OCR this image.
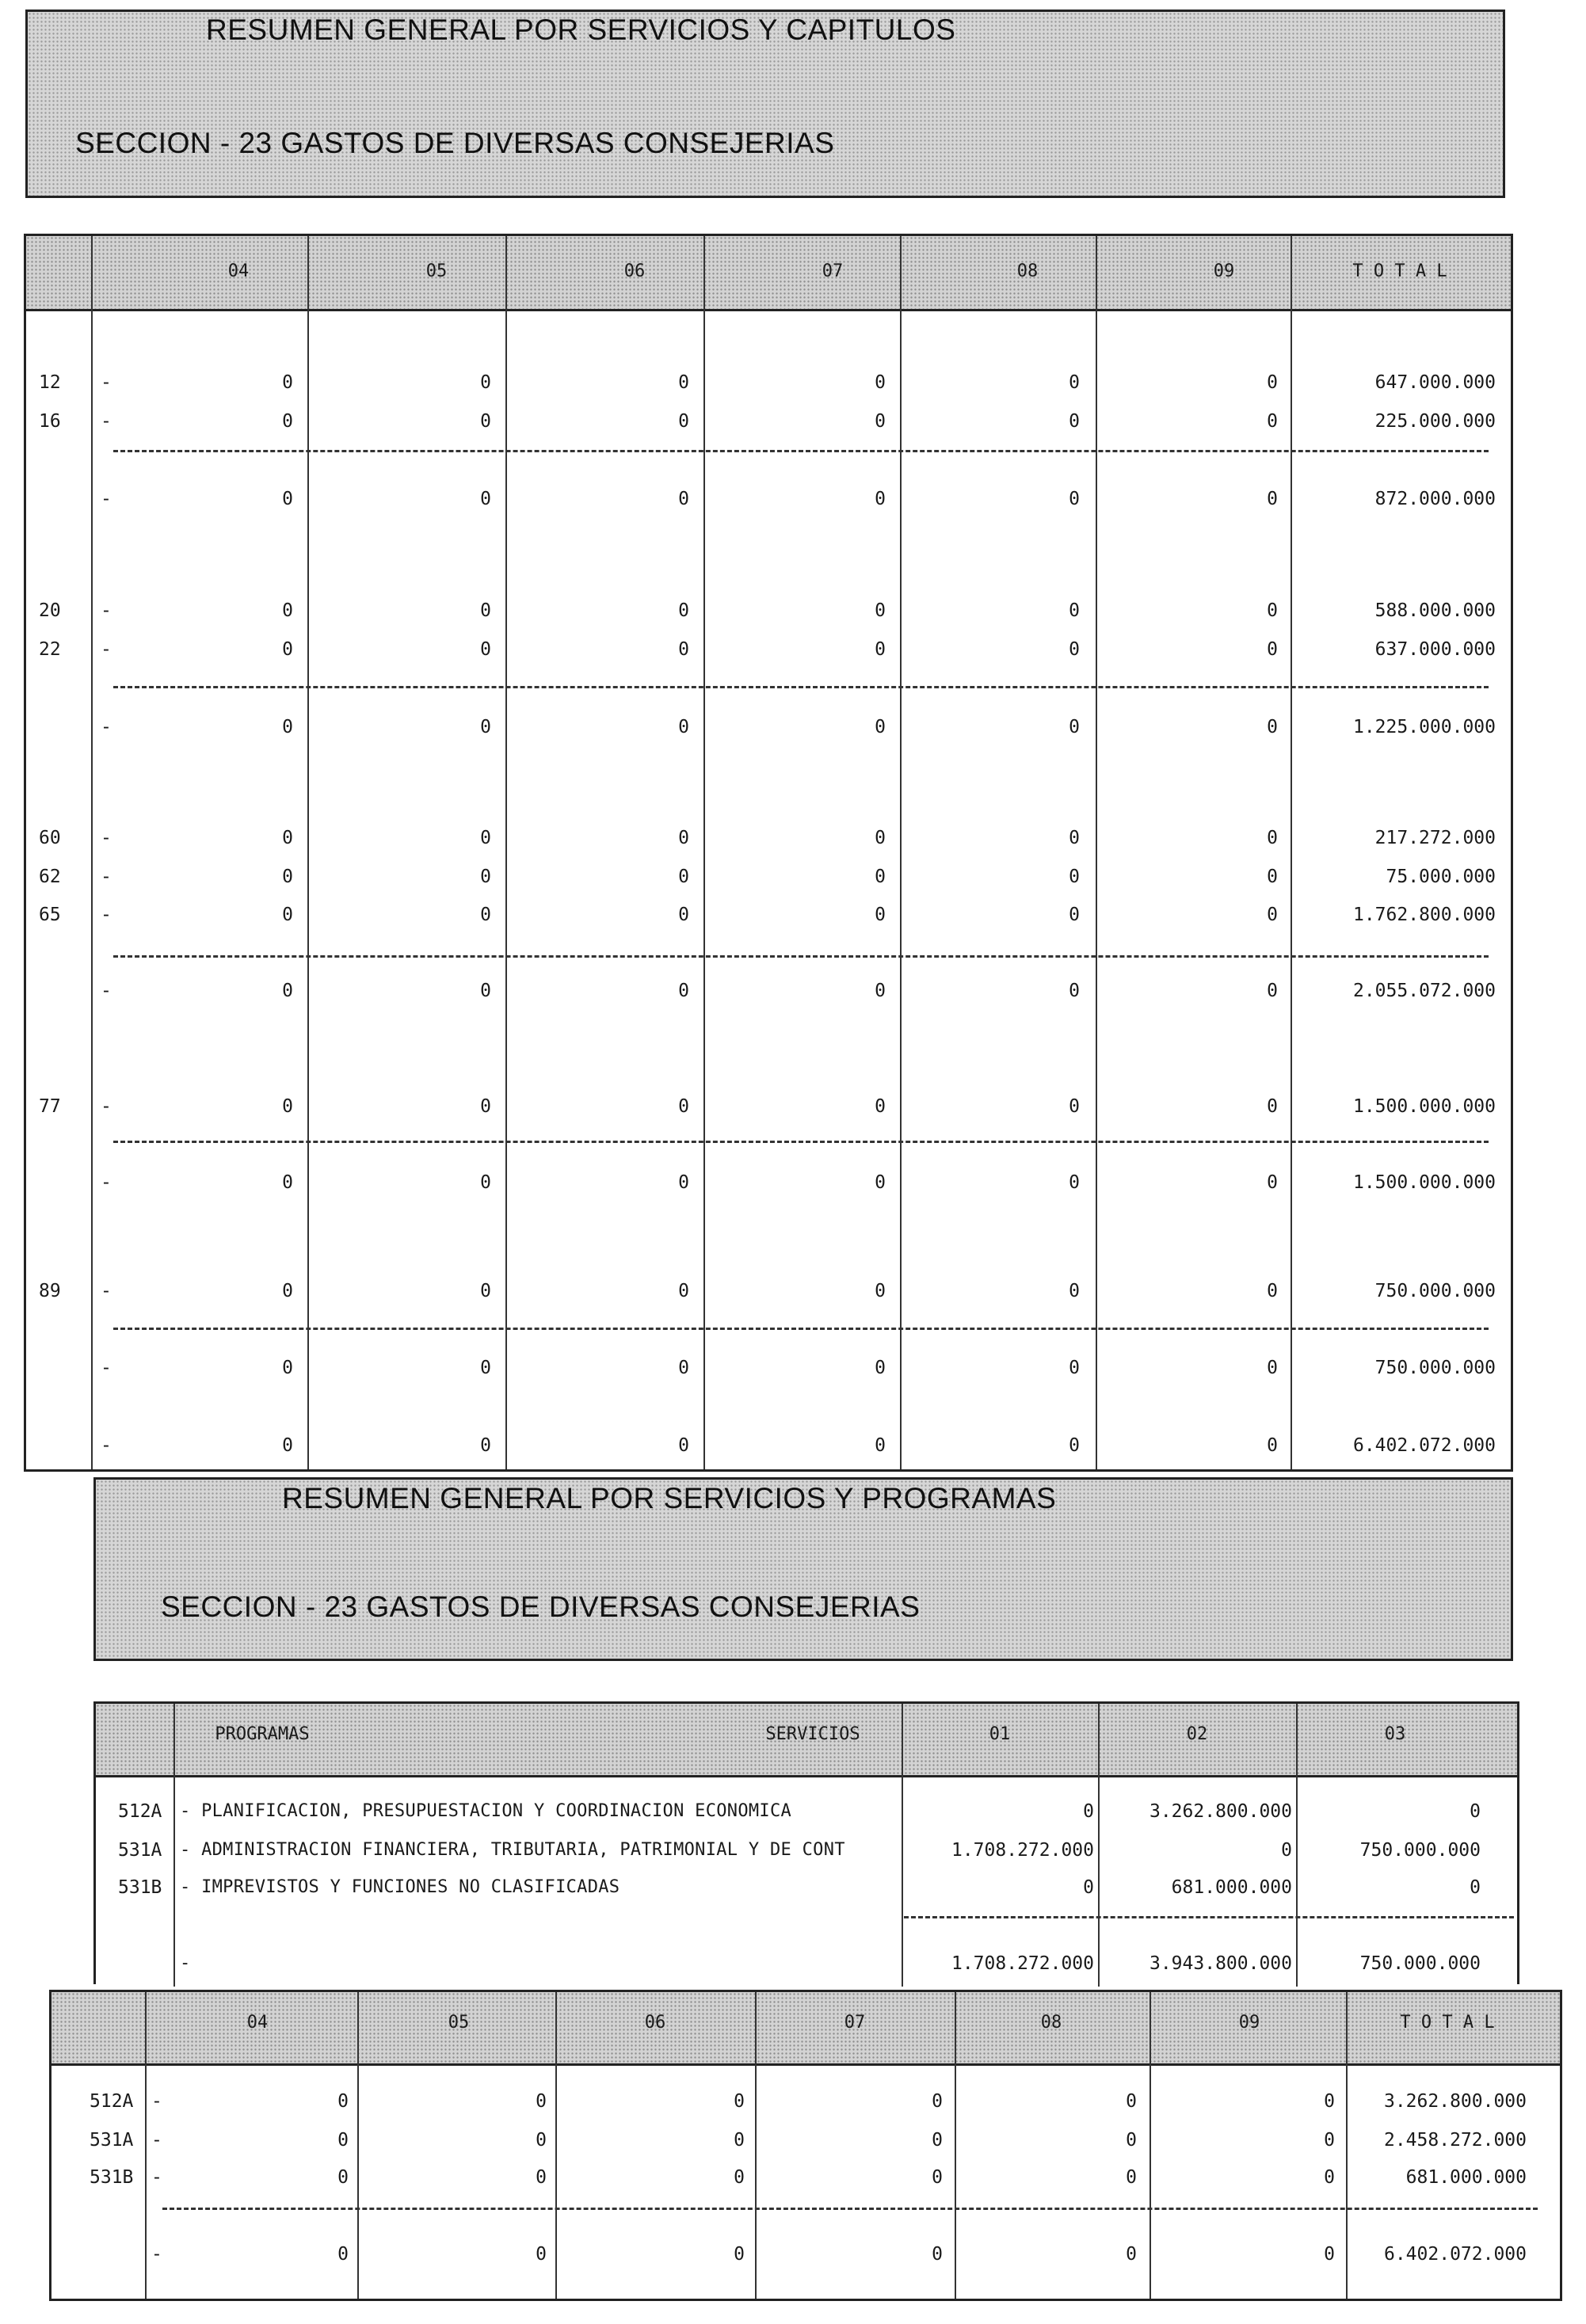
RESUMEN GENERAL POR SERVICIOS Y CAPITULOS
SECCION - 23 GASTOS DE DIVERSAS CONSEJERIAS
04	05	06	07	08	09	T O T A L
12 -	0	0	0	0	0	0	647.000.000
16 -	0	0	0	0	0	0	225.000.000
-	0	0	0	0	0	0	872.000.000
20 -	0	0	0	0	0	0	588.000.000
22 -	0	0	0	0	0	0	637.000.000
-	0	0	0	0	0	0	1.225.000.000
60 -	0	0	0	0	0	0	217.272.000
62 -	0	0	0	0	0	0	75.000.000
65 -	0	0	0	0	0	0	1.762.800.000
-	0	0	0	0	0	0	2.055.072.000
77 -	0	0	0	0	0	0	1.500.000.000
-	0	0	0	0	0	0	1.500.000.000
89 -	0	0	0	0	0	0	750.000.000
-	0	0	0	0	0	0	750.000.000
-	0	0	0	0	0	0	6.402.072.000
RESUMEN GENERAL POR SERVICIOS Y PROGRAMAS
SECCION - 23 GASTOS DE DIVERSAS CONSEJERIAS
PROGRAMAS	SERVICIOS	01	02	03
512A - PLANIFICACION, PRESUPUESTACION Y COORDINACION ECONOMICA	0	3.262.800.000	0
531A - ADMINISTRACION FINANCIERA, TRIBUTARIA, PATRIMONIAL Y DE CONT	1.708.272.000	0	750.000.000
531B - IMPREVISTOS Y FUNCIONES NO CLASIFICADAS	0	681.000.000	0
-	1.708.272.000	3.943.800.000	750.000.000
04	05	06	07	08	09	T O T A L
512A -	0	0	0	0	0	0	3.262.800.000
531A -	0	0	0	0	0	0	2.458.272.000
531B -	0	0	0	0	0	0	681.000.000
-	0	0	0	0	0	0	6.402.072.000
